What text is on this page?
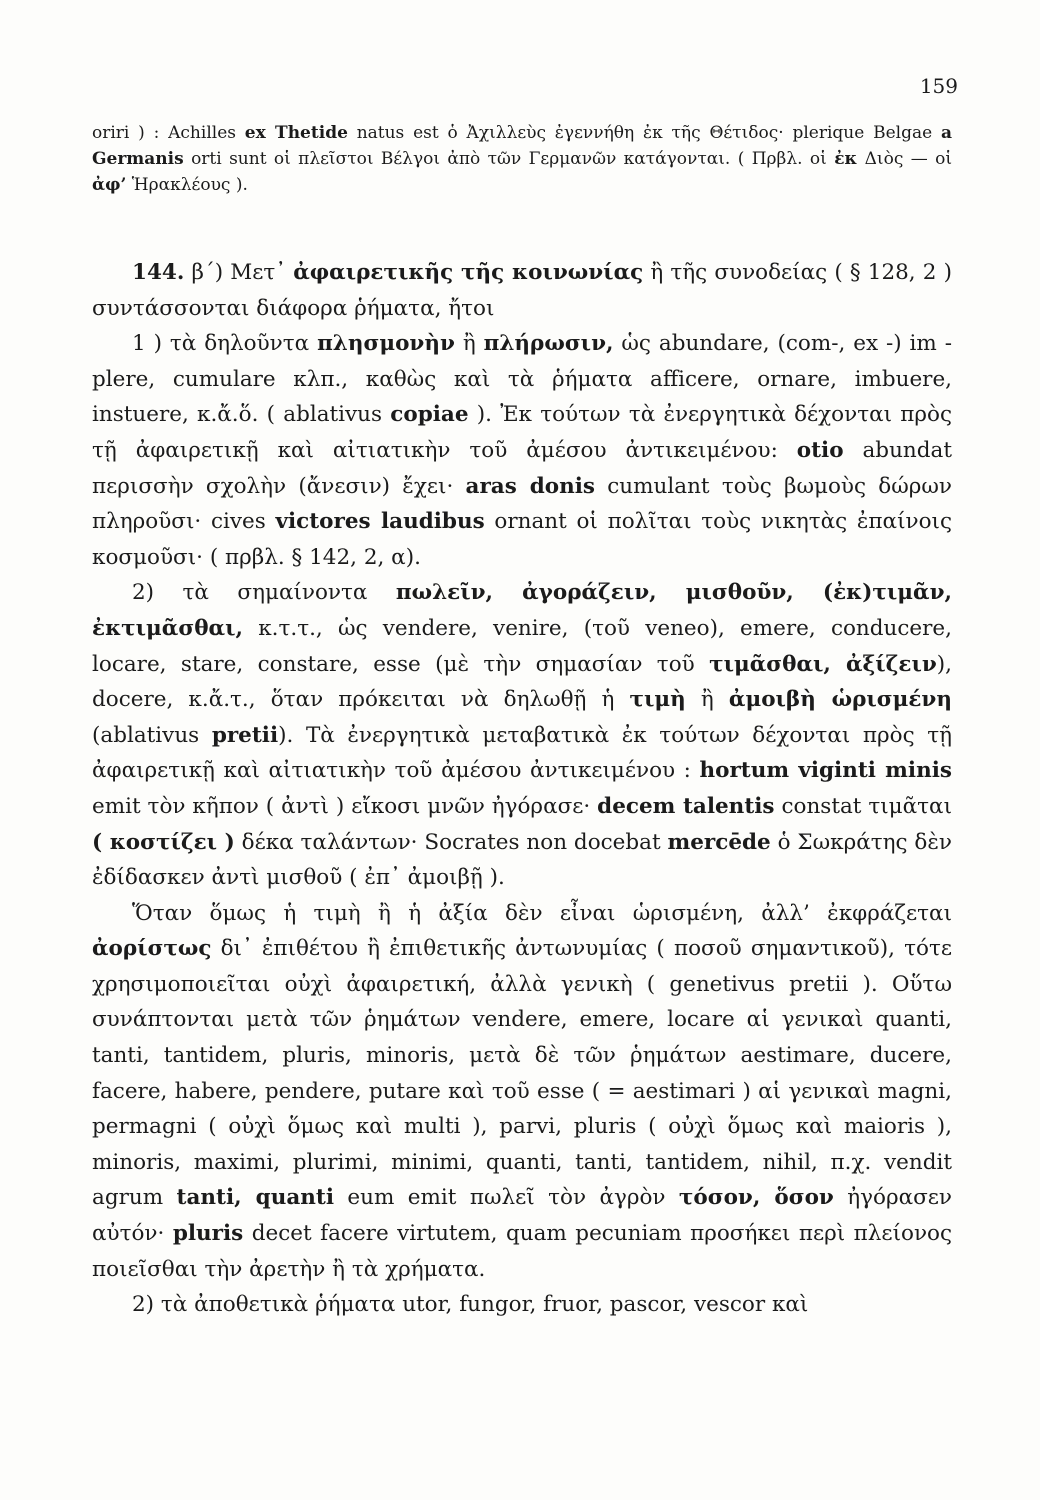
159

oriri ) : Achilles ex Thetide natus est ὁ Ἀχιλλεὺς ἐγεννήθη ἐκ τῆς Θέτιδος· plerique Belgae a Germanis orti sunt οἱ πλεῖστοι Βέλγοι ἀπὸ τῶν Γερμανῶν κατάγονται. ( Πρβλ. οἱ ἐκ Διὸς — οἱ ἀφ’ Ἡρακλέους ).

144. β΄) Μετ᾽ ἀφαιρετικῆς τῆς κοινωνίας ἢ τῆς συνοδείας ( § 128, 2 ) συντάσσονται διάφορα ῥήματα, ἤτοι

1 ) τὰ δηλοῦντα πλησμονὴν ἢ πλήρωσιν, ὡς abundare, (com-, ex -) im - plere, cumulare κλπ., καθὼς καὶ τὰ ῥήματα afficere, ornare, imbuere, instuere, κ.ἄ.ὅ. ( ablativus copiae ). Ἐκ τούτων τὰ ἐνεργητικὰ δέχονται πρὸς τῇ ἀφαιρετικῇ καὶ αἰτιατικὴν τοῦ ἀμέσου ἀντικειμένου: otio abundat περισσὴν σχολὴν (ἄνεσιν) ἔχει· aras donis cumulant τοὺς βωμοὺς δώρων πληροῦσι· cives victores laudibus ornant οἱ πολῖται τοὺς νικητὰς ἐπαίνοις κοσμοῦσι· ( πρβλ. § 142, 2, α).

2) τὰ σημαίνοντα πωλεῖν, ἀγοράζειν, μισθοῦν, (ἐκ)τιμᾶν, ἐκτιμᾶσθαι, κ.τ.τ., ὡς vendere, venire, (τοῦ veneo), emere, conducere, locare, stare, constare, esse (μὲ τὴν σημασίαν τοῦ τιμᾶσθαι, ἀξίζειν), docere, κ.ἄ.τ., ὅταν πρόκειται νὰ δηλωθῇ ἡ τιμὴ ἢ ἀμοιβὴ ὡρισμένη (ablativus pretii). Τὰ ἐνεργητικὰ μεταβατικὰ ἐκ τούτων δέχονται πρὸς τῇ ἀφαιρετικῇ καὶ αἰτιατικὴν τοῦ ἀμέσου ἀντικειμένου : hortum viginti minis emit τὸν κῆπον ( ἀντὶ ) εἴκοσι μνῶν ἠγόρασε· decem talentis constat τιμᾶται ( κοστίζει ) δέκα ταλάντων· Socrates non docebat mercēde ὁ Σωκράτης δὲν ἐδίδασκεν ἀντὶ μισθοῦ ( ἐπ᾽ ἀμοιβῇ ).

Ὅταν ὅμως ἡ τιμὴ ἢ ἡ ἀξία δὲν εἶναι ὡρισμένη, ἀλλ’ ἐκφράζεται ἀορίστως δι᾽ ἐπιθέτου ἢ ἐπιθετικῆς ἀντωνυμίας ( ποσοῦ σημαντικοῦ), τότε χρησιμοποιεῖται οὐχὶ ἀφαιρετική, ἀλλὰ γενικὴ ( genetivus pretii ). Οὕτω συνάπτονται μετὰ τῶν ῥημάτων vendere, emere, locare αἱ γενικαὶ quanti, tanti, tantidem, pluris, minoris, μετὰ δὲ τῶν ῥημάτων aestimare, ducere, facere, habere, pendere, putare καὶ τοῦ esse ( = aestimari ) αἱ γενικαὶ magni, permagni ( οὐχὶ ὅμως καὶ multi ), parvi, pluris ( οὐχὶ ὅμως καὶ maioris ), minoris, maximi, plurimi, minimi, quanti, tanti, tantidem, nihil, π.χ. vendit agrum tanti, quanti eum emit πωλεῖ τὸν ἀγρὸν τόσον, ὅσον ἠγόρασεν αὐτόν· pluris decet facere virtutem, quam pecuniam προσήκει περὶ πλείονος ποιεῖσθαι τὴν ἀρετὴν ἢ τὰ χρήματα.

2) τὰ ἀποθετικὰ ῥήματα utor, fungor, fruor, pascor, vescor καὶ
